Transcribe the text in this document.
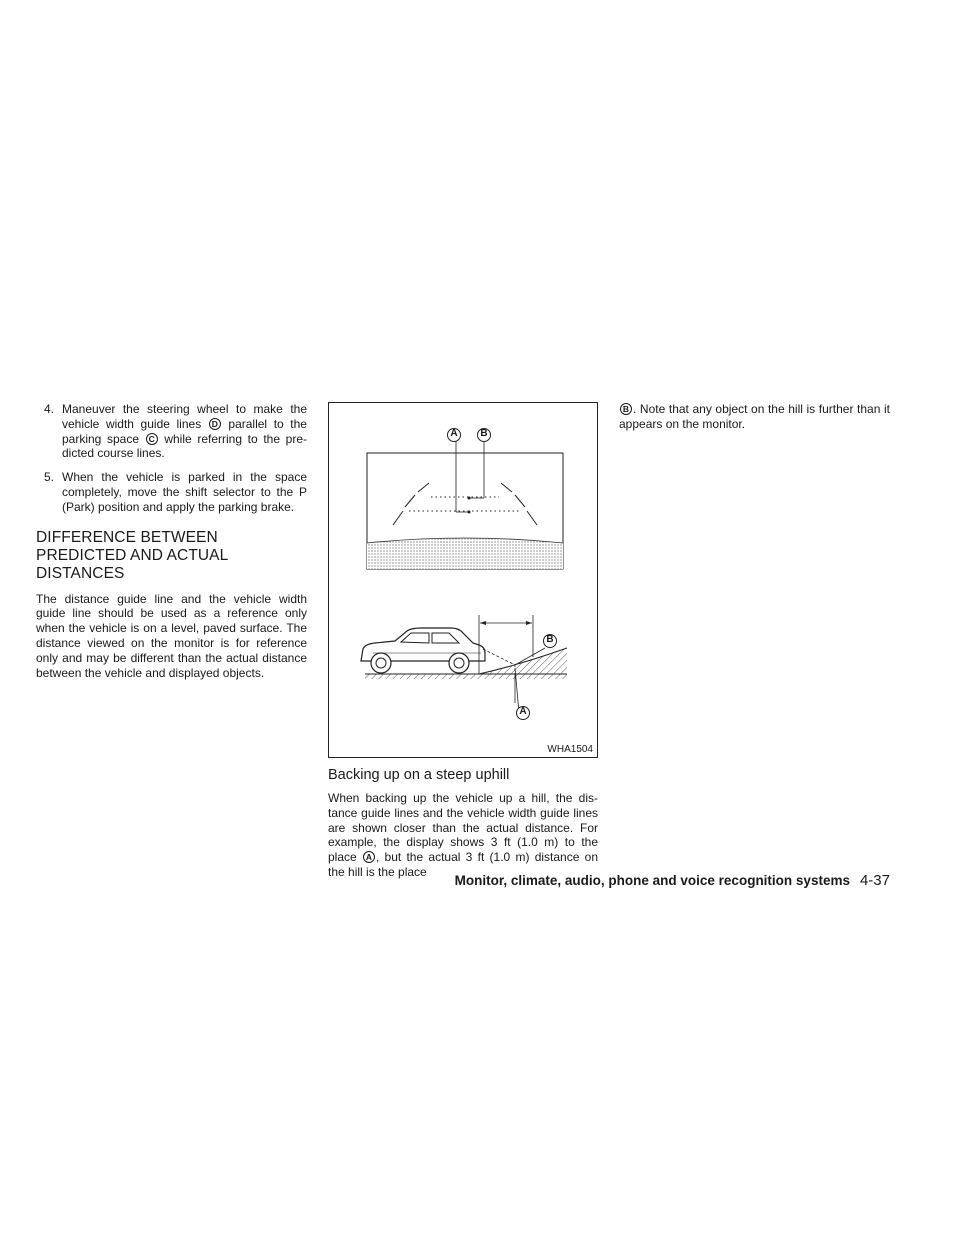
4. Maneuver the steering wheel to make the vehicle width guide lines D parallel to the parking space C while referring to the pre-dicted course lines.
5. When the vehicle is parked in the space completely, move the shift selector to the P (Park) position and apply the parking brake.
DIFFERENCE BETWEEN PREDICTED AND ACTUAL DISTANCES

The distance guide line and the vehicle width guide line should be used as a reference only when the vehicle is on a level, paved surface. The distance viewed on the monitor is for reference only and may be different than the actual distance between the vehicle and displayed objects.

A B
B
A
WHA1504
Backing up on a steep uphill

When backing up the vehicle up a hill, the dis-tance guide lines and the vehicle width guide lines are shown closer than the actual distance. For example, the display shows 3 ft (1.0 m) to the place A , but the actual 3 ft (1.0 m) distance on the hill is the place

B . Note that any object on the hill is further than it appears on the monitor.

Monitor, climate, audio, phone and voice recognition systems 4-37
